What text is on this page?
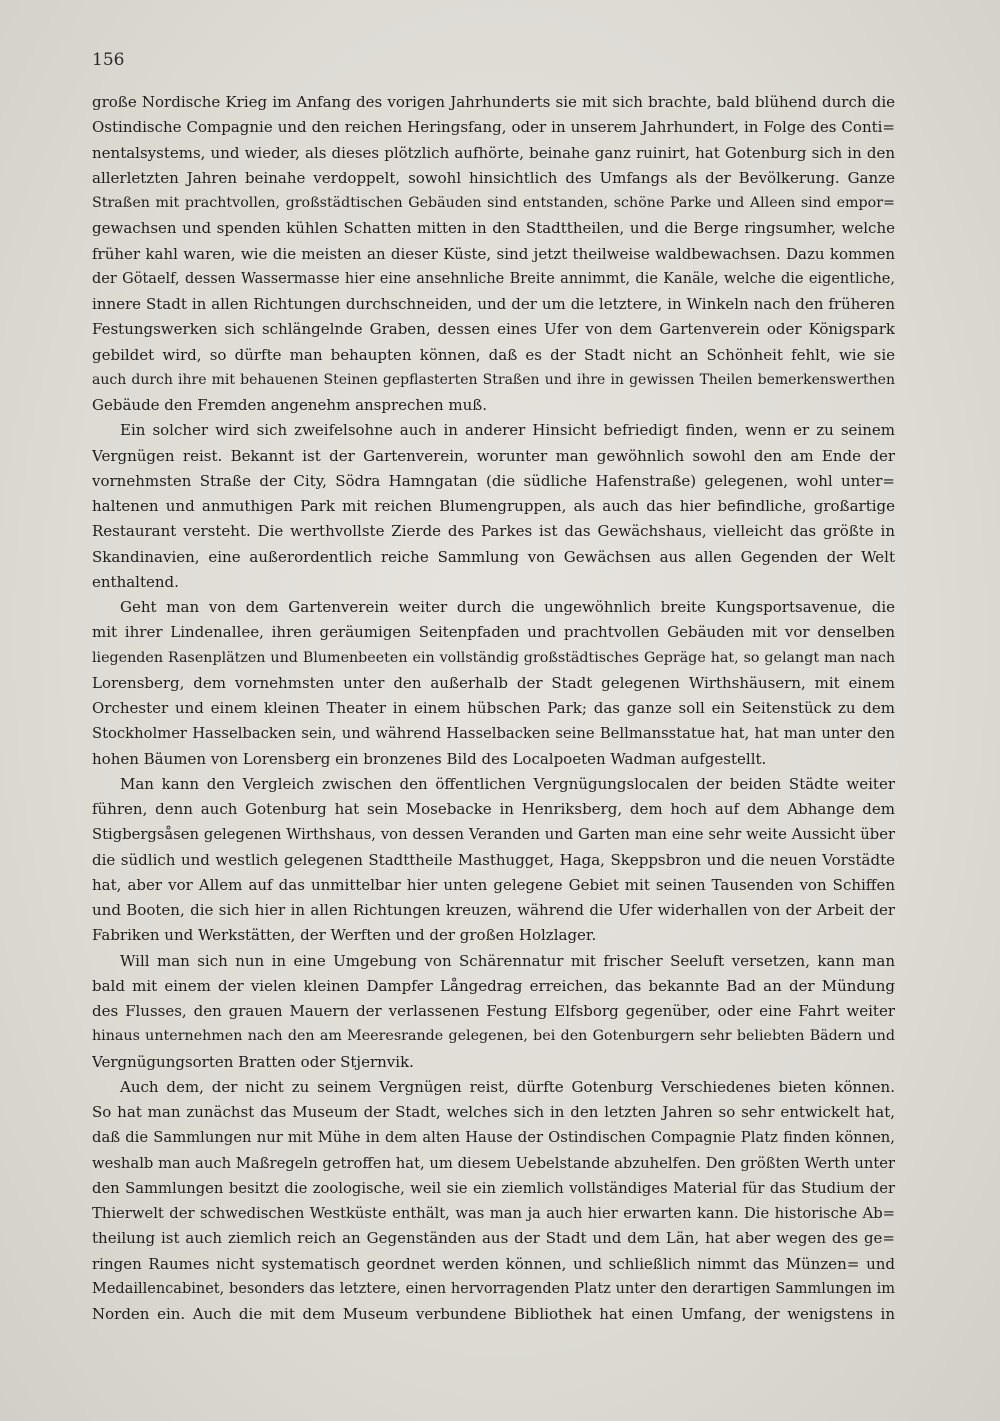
156
große Nordische Krieg im Anfang des vorigen Jahrhunderts sie mit sich brachte, bald blühend durch die
Ostindische Compagnie und den reichen Heringsfang, oder in unserem Jahrhundert, in Folge des Conti=
nentalsystems, und wieder, als dieses plötzlich aufhörte, beinahe ganz ruinirt, hat Gotenburg sich in den
allerletzten Jahren beinahe verdoppelt, sowohl hinsichtlich des Umfangs als der Bevölkerung. Ganze
Straßen mit prachtvollen, großstädtischen Gebäuden sind entstanden, schöne Parke und Alleen sind empor=
gewachsen und spenden kühlen Schatten mitten in den Stadttheilen, und die Berge ringsumher, welche
früher kahl waren, wie die meisten an dieser Küste, sind jetzt theilweise waldbewachsen. Dazu kommen
der Götaelf, dessen Wassermasse hier eine ansehnliche Breite annimmt, die Kanäle, welche die eigentliche,
innere Stadt in allen Richtungen durchschneiden, und der um die letztere, in Winkeln nach den früheren
Festungswerken sich schlängelnde Graben, dessen eines Ufer von dem Gartenverein oder Königspark
gebildet wird, so dürfte man behaupten können, daß es der Stadt nicht an Schönheit fehlt, wie sie
auch durch ihre mit behauenen Steinen gepflasterten Straßen und ihre in gewissen Theilen bemerkenswerthen
Gebäude den Fremden angenehm ansprechen muß.
Ein solcher wird sich zweifelsohne auch in anderer Hinsicht befriedigt finden, wenn er zu seinem
Vergnügen reist. Bekannt ist der Gartenverein, worunter man gewöhnlich sowohl den am Ende der
vornehmsten Straße der City, Södra Hamngatan (die südliche Hafenstraße) gelegenen, wohl unter=
haltenen und anmuthigen Park mit reichen Blumengruppen, als auch das hier befindliche, großartige
Restaurant versteht. Die werthvollste Zierde des Parkes ist das Gewächshaus, vielleicht das größte in
Skandinavien, eine außerordentlich reiche Sammlung von Gewächsen aus allen Gegenden der Welt
enthaltend.
Geht man von dem Gartenverein weiter durch die ungewöhnlich breite Kungsportsavenue, die
mit ihrer Lindenallee, ihren geräumigen Seitenpfaden und prachtvollen Gebäuden mit vor denselben
liegenden Rasenplätzen und Blumenbeeten ein vollständig großstädtisches Gepräge hat, so gelangt man nach
Lorensberg, dem vornehmsten unter den außerhalb der Stadt gelegenen Wirthshäusern, mit einem
Orchester und einem kleinen Theater in einem hübschen Park; das ganze soll ein Seitenstück zu dem
Stockholmer Hasselbacken sein, und während Hasselbacken seine Bellmansstatue hat, hat man unter den
hohen Bäumen von Lorensberg ein bronzenes Bild des Localpoeten Wadman aufgestellt.
Man kann den Vergleich zwischen den öffentlichen Vergnügungslocalen der beiden Städte weiter
führen, denn auch Gotenburg hat sein Mosebacke in Henriksberg, dem hoch auf dem Abhange dem
Stigbergsåsen gelegenen Wirthshaus, von dessen Veranden und Garten man eine sehr weite Aussicht über
die südlich und westlich gelegenen Stadttheile Masthugget, Haga, Skeppsbron und die neuen Vorstädte
hat, aber vor Allem auf das unmittelbar hier unten gelegene Gebiet mit seinen Tausenden von Schiffen
und Booten, die sich hier in allen Richtungen kreuzen, während die Ufer widerhallen von der Arbeit der
Fabriken und Werkstätten, der Werften und der großen Holzlager.
Will man sich nun in eine Umgebung von Schärennatur mit frischer Seeluft versetzen, kann man
bald mit einem der vielen kleinen Dampfer Långedrag erreichen, das bekannte Bad an der Mündung
des Flusses, den grauen Mauern der verlassenen Festung Elfsborg gegenüber, oder eine Fahrt weiter
hinaus unternehmen nach den am Meeresrande gelegenen, bei den Gotenburgern sehr beliebten Bädern und
Vergnügungsorten Bratten oder Stjernvik.
Auch dem, der nicht zu seinem Vergnügen reist, dürfte Gotenburg Verschiedenes bieten können.
So hat man zunächst das Museum der Stadt, welches sich in den letzten Jahren so sehr entwickelt hat,
daß die Sammlungen nur mit Mühe in dem alten Hause der Ostindischen Compagnie Platz finden können,
weshalb man auch Maßregeln getroffen hat, um diesem Uebelstande abzuhelfen. Den größten Werth unter
den Sammlungen besitzt die zoologische, weil sie ein ziemlich vollständiges Material für das Studium der
Thierwelt der schwedischen Westküste enthält, was man ja auch hier erwarten kann. Die historische Ab=
theilung ist auch ziemlich reich an Gegenständen aus der Stadt und dem Län, hat aber wegen des ge=
ringen Raumes nicht systematisch geordnet werden können, und schließlich nimmt das Münzen= und
Medaillencabinet, besonders das letztere, einen hervorragenden Platz unter den derartigen Sammlungen im
Norden ein. Auch die mit dem Museum verbundene Bibliothek hat einen Umfang, der wenigstens in
